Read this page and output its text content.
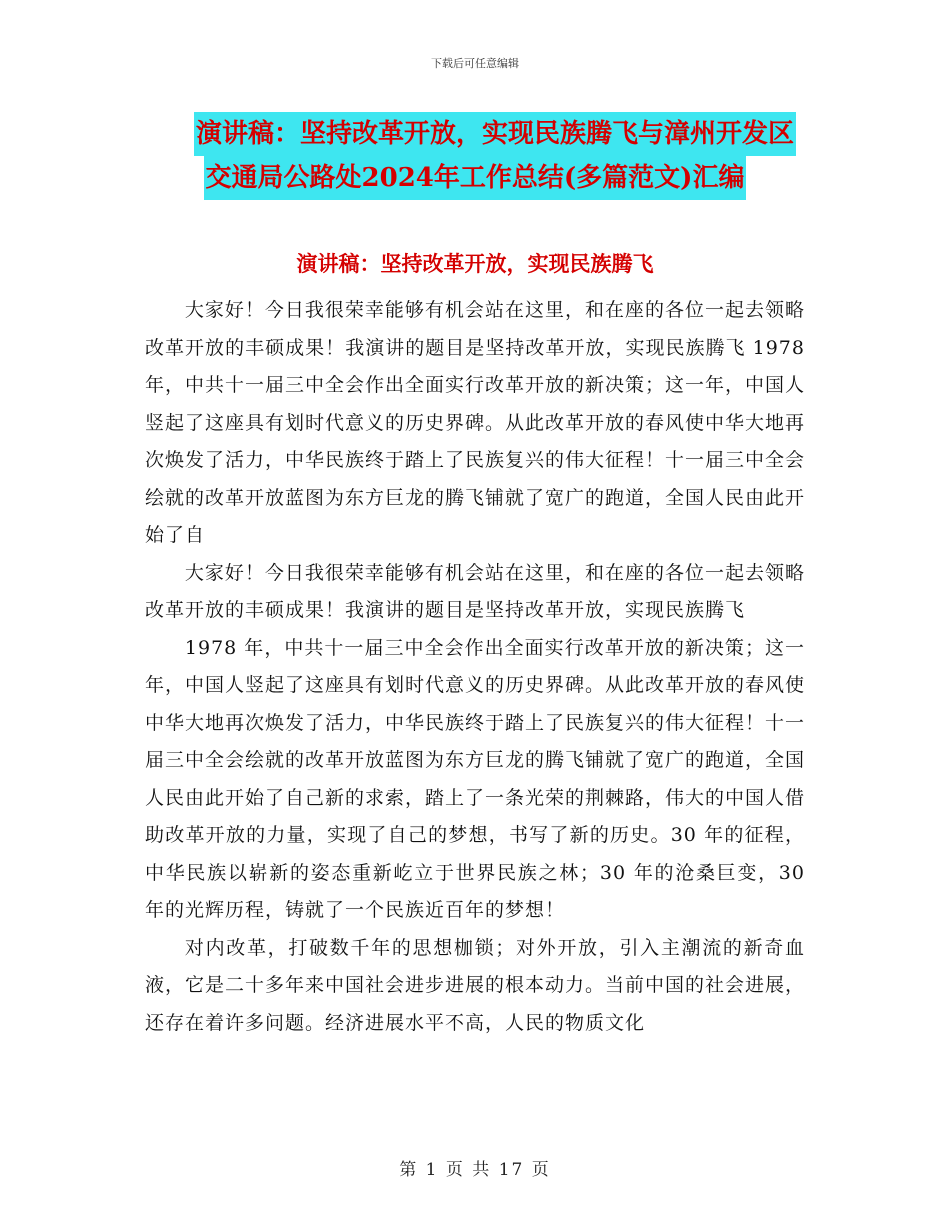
下载后可任意编辑
演讲稿：坚持改革开放，实现民族腾飞与漳州开发区
交通局公路处2024年工作总结(多篇范文)汇编
演讲稿：坚持改革开放，实现民族腾飞

大家好！今日我很荣幸能够有机会站在这里，和在座的各位一起去领略改革开放的丰硕成果！我演讲的题目是坚持改革开放，实现民族腾飞 1978 年，中共十一届三中全会作出全面实行改革开放的新决策；这一年，中国人竖起了这座具有划时代意义的历史界碑。从此改革开放的春风使中华大地再次焕发了活力，中华民族终于踏上了民族复兴的伟大征程！十一届三中全会绘就的改革开放蓝图为东方巨龙的腾飞铺就了宽广的跑道，全国人民由此开始了自

大家好！今日我很荣幸能够有机会站在这里，和在座的各位一起去领略改革开放的丰硕成果！我演讲的题目是坚持改革开放，实现民族腾飞

1978 年，中共十一届三中全会作出全面实行改革开放的新决策；这一年，中国人竖起了这座具有划时代意义的历史界碑。从此改革开放的春风使中华大地再次焕发了活力，中华民族终于踏上了民族复兴的伟大征程！十一届三中全会绘就的改革开放蓝图为东方巨龙的腾飞铺就了宽广的跑道，全国人民由此开始了自己新的求索，踏上了一条光荣的荆棘路，伟大的中国人借助改革开放的力量，实现了自己的梦想，书写了新的历史。30 年的征程，中华民族以崭新的姿态重新屹立于世界民族之林；30 年的沧桑巨变，30 年的光辉历程，铸就了一个民族近百年的梦想！

对内改革，打破数千年的思想枷锁；对外开放，引入主潮流的新奇血液，它是二十多年来中国社会进步进展的根本动力。当前中国的社会进展，还存在着许多问题。经济进展水平不高，人民的物质文化

第 1 页 共 17 页
